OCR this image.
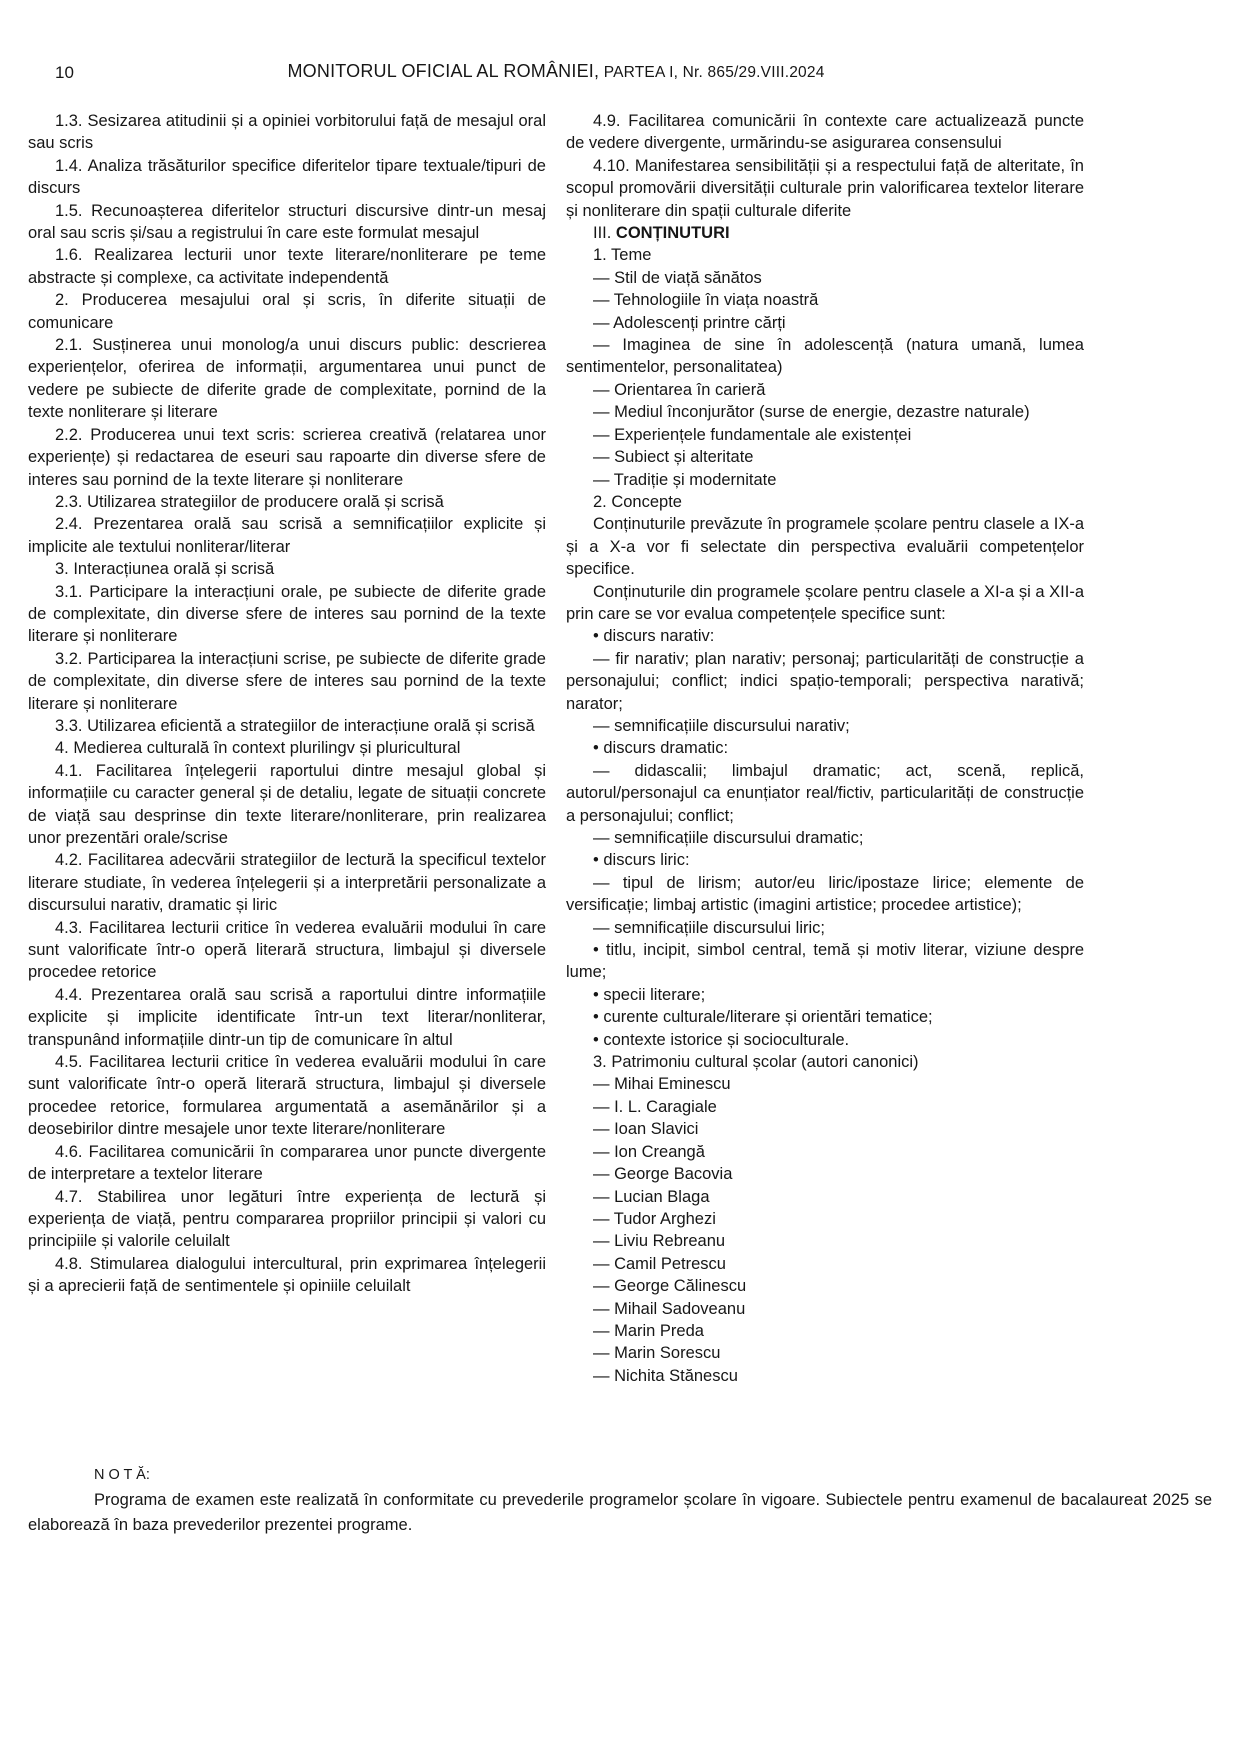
10	MONITORUL OFICIAL AL ROMÂNIEI, PARTEA I, Nr. 865/29.VIII.2024

1.3. Sesizarea atitudinii și a opiniei vorbitorului față de mesajul oral sau scris

1.4. Analiza trăsăturilor specifice diferitelor tipare textuale/tipuri de discurs

1.5. Recunoașterea diferitelor structuri discursive dintr-un mesaj oral sau scris și/sau a registrului în care este formulat mesajul

1.6. Realizarea lecturii unor texte literare/nonliterare pe teme abstracte și complexe, ca activitate independentă

2. Producerea mesajului oral și scris, în diferite situații de comunicare

2.1. Susținerea unui monolog/a unui discurs public: descrierea experiențelor, oferirea de informații, argumentarea unui punct de vedere pe subiecte de diferite grade de complexitate, pornind de la texte nonliterare și literare

2.2. Producerea unui text scris: scrierea creativă (relatarea unor experiențe) și redactarea de eseuri sau rapoarte din diverse sfere de interes sau pornind de la texte literare și nonliterare

2.3. Utilizarea strategiilor de producere orală și scrisă

2.4. Prezentarea orală sau scrisă a semnificațiilor explicite și implicite ale textului nonliterar/literar

3. Interacțiunea orală și scrisă

3.1. Participare la interacțiuni orale, pe subiecte de diferite grade de complexitate, din diverse sfere de interes sau pornind de la texte literare și nonliterare

3.2. Participarea la interacțiuni scrise, pe subiecte de diferite grade de complexitate, din diverse sfere de interes sau pornind de la texte literare și nonliterare

3.3. Utilizarea eficientă a strategiilor de interacțiune orală și scrisă

4. Medierea culturală în context plurilingv și pluricultural

4.1. Facilitarea înțelegerii raportului dintre mesajul global și informațiile cu caracter general și de detaliu, legate de situații concrete de viață sau desprinse din texte literare/nonliterare, prin realizarea unor prezentări orale/scrise

4.2. Facilitarea adecvării strategiilor de lectură la specificul textelor literare studiate, în vederea înțelegerii și a interpretării personalizate a discursului narativ, dramatic și liric

4.3. Facilitarea lecturii critice în vederea evaluării modului în care sunt valorificate într-o operă literară structura, limbajul și diversele procedee retorice

4.4. Prezentarea orală sau scrisă a raportului dintre informațiile explicite și implicite identificate într-un text literar/nonliterar, transpunând informațiile dintr-un tip de comunicare în altul

4.5. Facilitarea lecturii critice în vederea evaluării modului în care sunt valorificate într-o operă literară structura, limbajul și diversele procedee retorice, formularea argumentată a asemănărilor și a deosebirilor dintre mesajele unor texte literare/nonliterare

4.6. Facilitarea comunicării în compararea unor puncte divergente de interpretare a textelor literare

4.7. Stabilirea unor legături între experiența de lectură și experiența de viață, pentru compararea propriilor principii și valori cu principiile și valorile celuilalt

4.8. Stimularea dialogului intercultural, prin exprimarea înțelegerii și a aprecierii față de sentimentele și opiniile celuilalt

4.9. Facilitarea comunicării în contexte care actualizează puncte de vedere divergente, urmărindu-se asigurarea consensului

4.10. Manifestarea sensibilității și a respectului față de alteritate, în scopul promovării diversității culturale prin valorificarea textelor literare și nonliterare din spații culturale diferite

III. CONȚINUTURI

1. Teme

— Stil de viață sănătos

— Tehnologiile în viața noastră

— Adolescenți printre cărți

— Imaginea de sine în adolescență (natura umană, lumea sentimentelor, personalitatea)

— Orientarea în carieră

— Mediul înconjurător (surse de energie, dezastre naturale)

— Experiențele fundamentale ale existenței

— Subiect și alteritate

— Tradiție și modernitate

2. Concepte

Conținuturile prevăzute în programele școlare pentru clasele a IX-a și a X-a vor fi selectate din perspectiva evaluării competențelor specifice.

Conținuturile din programele școlare pentru clasele a XI-a și a XII-a prin care se vor evalua competențele specifice sunt:

• discurs narativ:

— fir narativ; plan narativ; personaj; particularități de construcție a personajului; conflict; indici spațio-temporali; perspectiva narativă; narator;

— semnificațiile discursului narativ;

• discurs dramatic:

— didascalii; limbajul dramatic; act, scenă, replică, autorul/personajul ca enunțiator real/fictiv, particularități de construcție a personajului; conflict;

— semnificațiile discursului dramatic;

• discurs liric:

— tipul de lirism; autor/eu liric/ipostaze lirice; elemente de versificație; limbaj artistic (imagini artistice; procedee artistice);

— semnificațiile discursului liric;

• titlu, incipit, simbol central, temă și motiv literar, viziune despre lume;

• specii literare;

• curente culturale/literare și orientări tematice;

• contexte istorice și socioculturale.

3. Patrimoniu cultural școlar (autori canonici)

— Mihai Eminescu

— I. L. Caragiale

— Ioan Slavici

— Ion Creangă

— George Bacovia

— Lucian Blaga

— Tudor Arghezi

— Liviu Rebreanu

— Camil Petrescu

— George Călinescu

— Mihail Sadoveanu

— Marin Preda

— Marin Sorescu

— Nichita Stănescu

N O T Ă:

Programa de examen este realizată în conformitate cu prevederile programelor școlare în vigoare. Subiectele pentru examenul de bacalaureat 2025 se elaborează în baza prevederilor prezentei programe.
